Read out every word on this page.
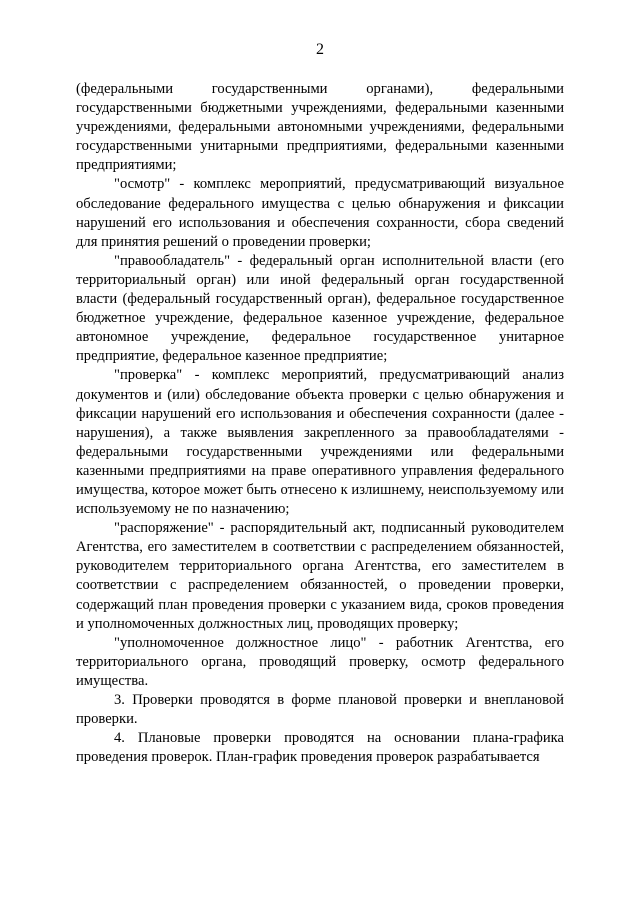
2

(федеральными государственными органами), федеральными государственными бюджетными учреждениями, федеральными казенными учреждениями, федеральными автономными учреждениями, федеральными государственными унитарными предприятиями, федеральными казенными предприятиями;

"осмотр" - комплекс мероприятий, предусматривающий визуальное обследование федерального имущества с целью обнаружения и фиксации нарушений его использования и обеспечения сохранности, сбора сведений для принятия решений о проведении проверки;

"правообладатель" - федеральный орган исполнительной власти (его территориальный орган) или иной федеральный орган государственной власти (федеральный государственный орган), федеральное государственное бюджетное учреждение, федеральное казенное учреждение, федеральное автономное учреждение, федеральное государственное унитарное предприятие, федеральное казенное предприятие;

"проверка" - комплекс мероприятий, предусматривающий анализ документов и (или) обследование объекта проверки с целью обнаружения и фиксации нарушений его использования и обеспечения сохранности (далее - нарушения), а также выявления закрепленного за правообладателями - федеральными государственными учреждениями или федеральными казенными предприятиями на праве оперативного управления федерального имущества, которое может быть отнесено к излишнему, неиспользуемому или используемому не по назначению;

"распоряжение" - распорядительный акт, подписанный руководителем Агентства, его заместителем в соответствии с распределением обязанностей, руководителем территориального органа Агентства, его заместителем в соответствии с распределением обязанностей, о проведении проверки, содержащий план проведения проверки с указанием вида, сроков проведения и уполномоченных должностных лиц, проводящих проверку;

"уполномоченное должностное лицо" - работник Агентства, его территориального органа, проводящий проверку, осмотр федерального имущества.

3. Проверки проводятся в форме плановой проверки и внеплановой проверки.

4. Плановые проверки проводятся на основании плана-графика проведения проверок. План-график проведения проверок разрабатывается
